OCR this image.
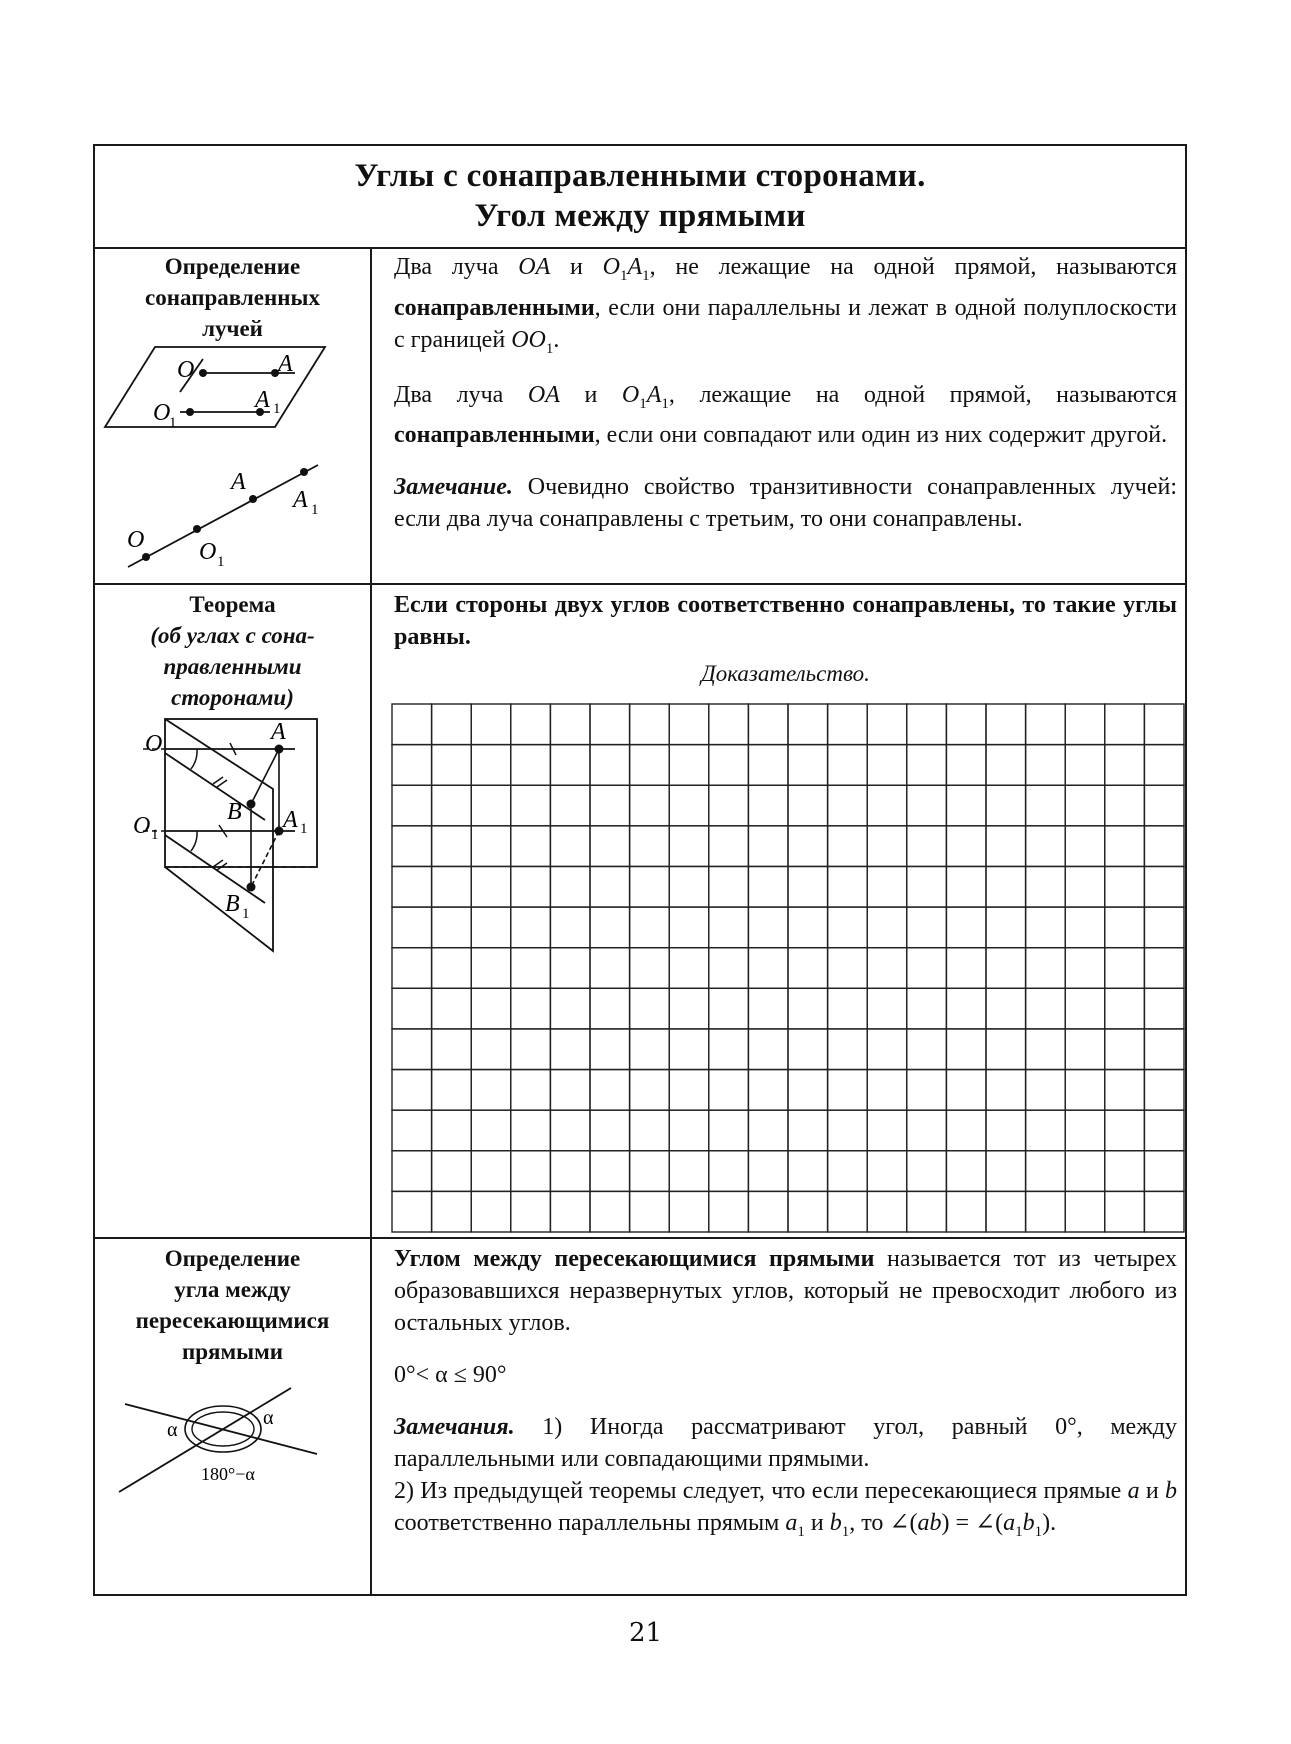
Углы с сонаправленными сторонами.
Угол между прямыми
Определение
сонаправленных
лучей
O	A
O
1
A 1
O O 1
A
A 1

Два луча OA и $O_1A_1$, не лежащие на одной прямой, называются сонаправленными, если они параллельны и лежат в одной полуплоскости с границей $OO_1$.

Два луча OA и $O_1A_1$, лежащие на одной прямой, называются сонаправленными, если они совпадают или один из них содержит другой.

Замечание. Очевидно свойство транзитивности сонаправленных лучей: если два луча сонаправлены с третьим, то они сонаправлены.

Теорема
(об углах с сона-
правленными
сторонами)
O	A
B
O 1
A 1
B 1

Если стороны двух углов соответственно сонаправлены, то такие углы равны.

Доказательство.
Определение
угла между
пересекающимися
прямыми
α
α
180°−α

Углом между пересекающимися прямыми называется тот из четырех образовавшихся неразвернутых углов, который не превосходит любого из остальных углов.

0°< α ≤ 90°

Замечания. 1) Иногда рассматривают угол, равный 0°, между параллельными или совпадающими прямыми.

2) Из предыдущей теоремы следует, что если пересекающиеся прямые a и b соответственно параллельны прямым $a_1$ и $b_1$, то ∠(ab) = $\angle(a_1b_1)$.

21
